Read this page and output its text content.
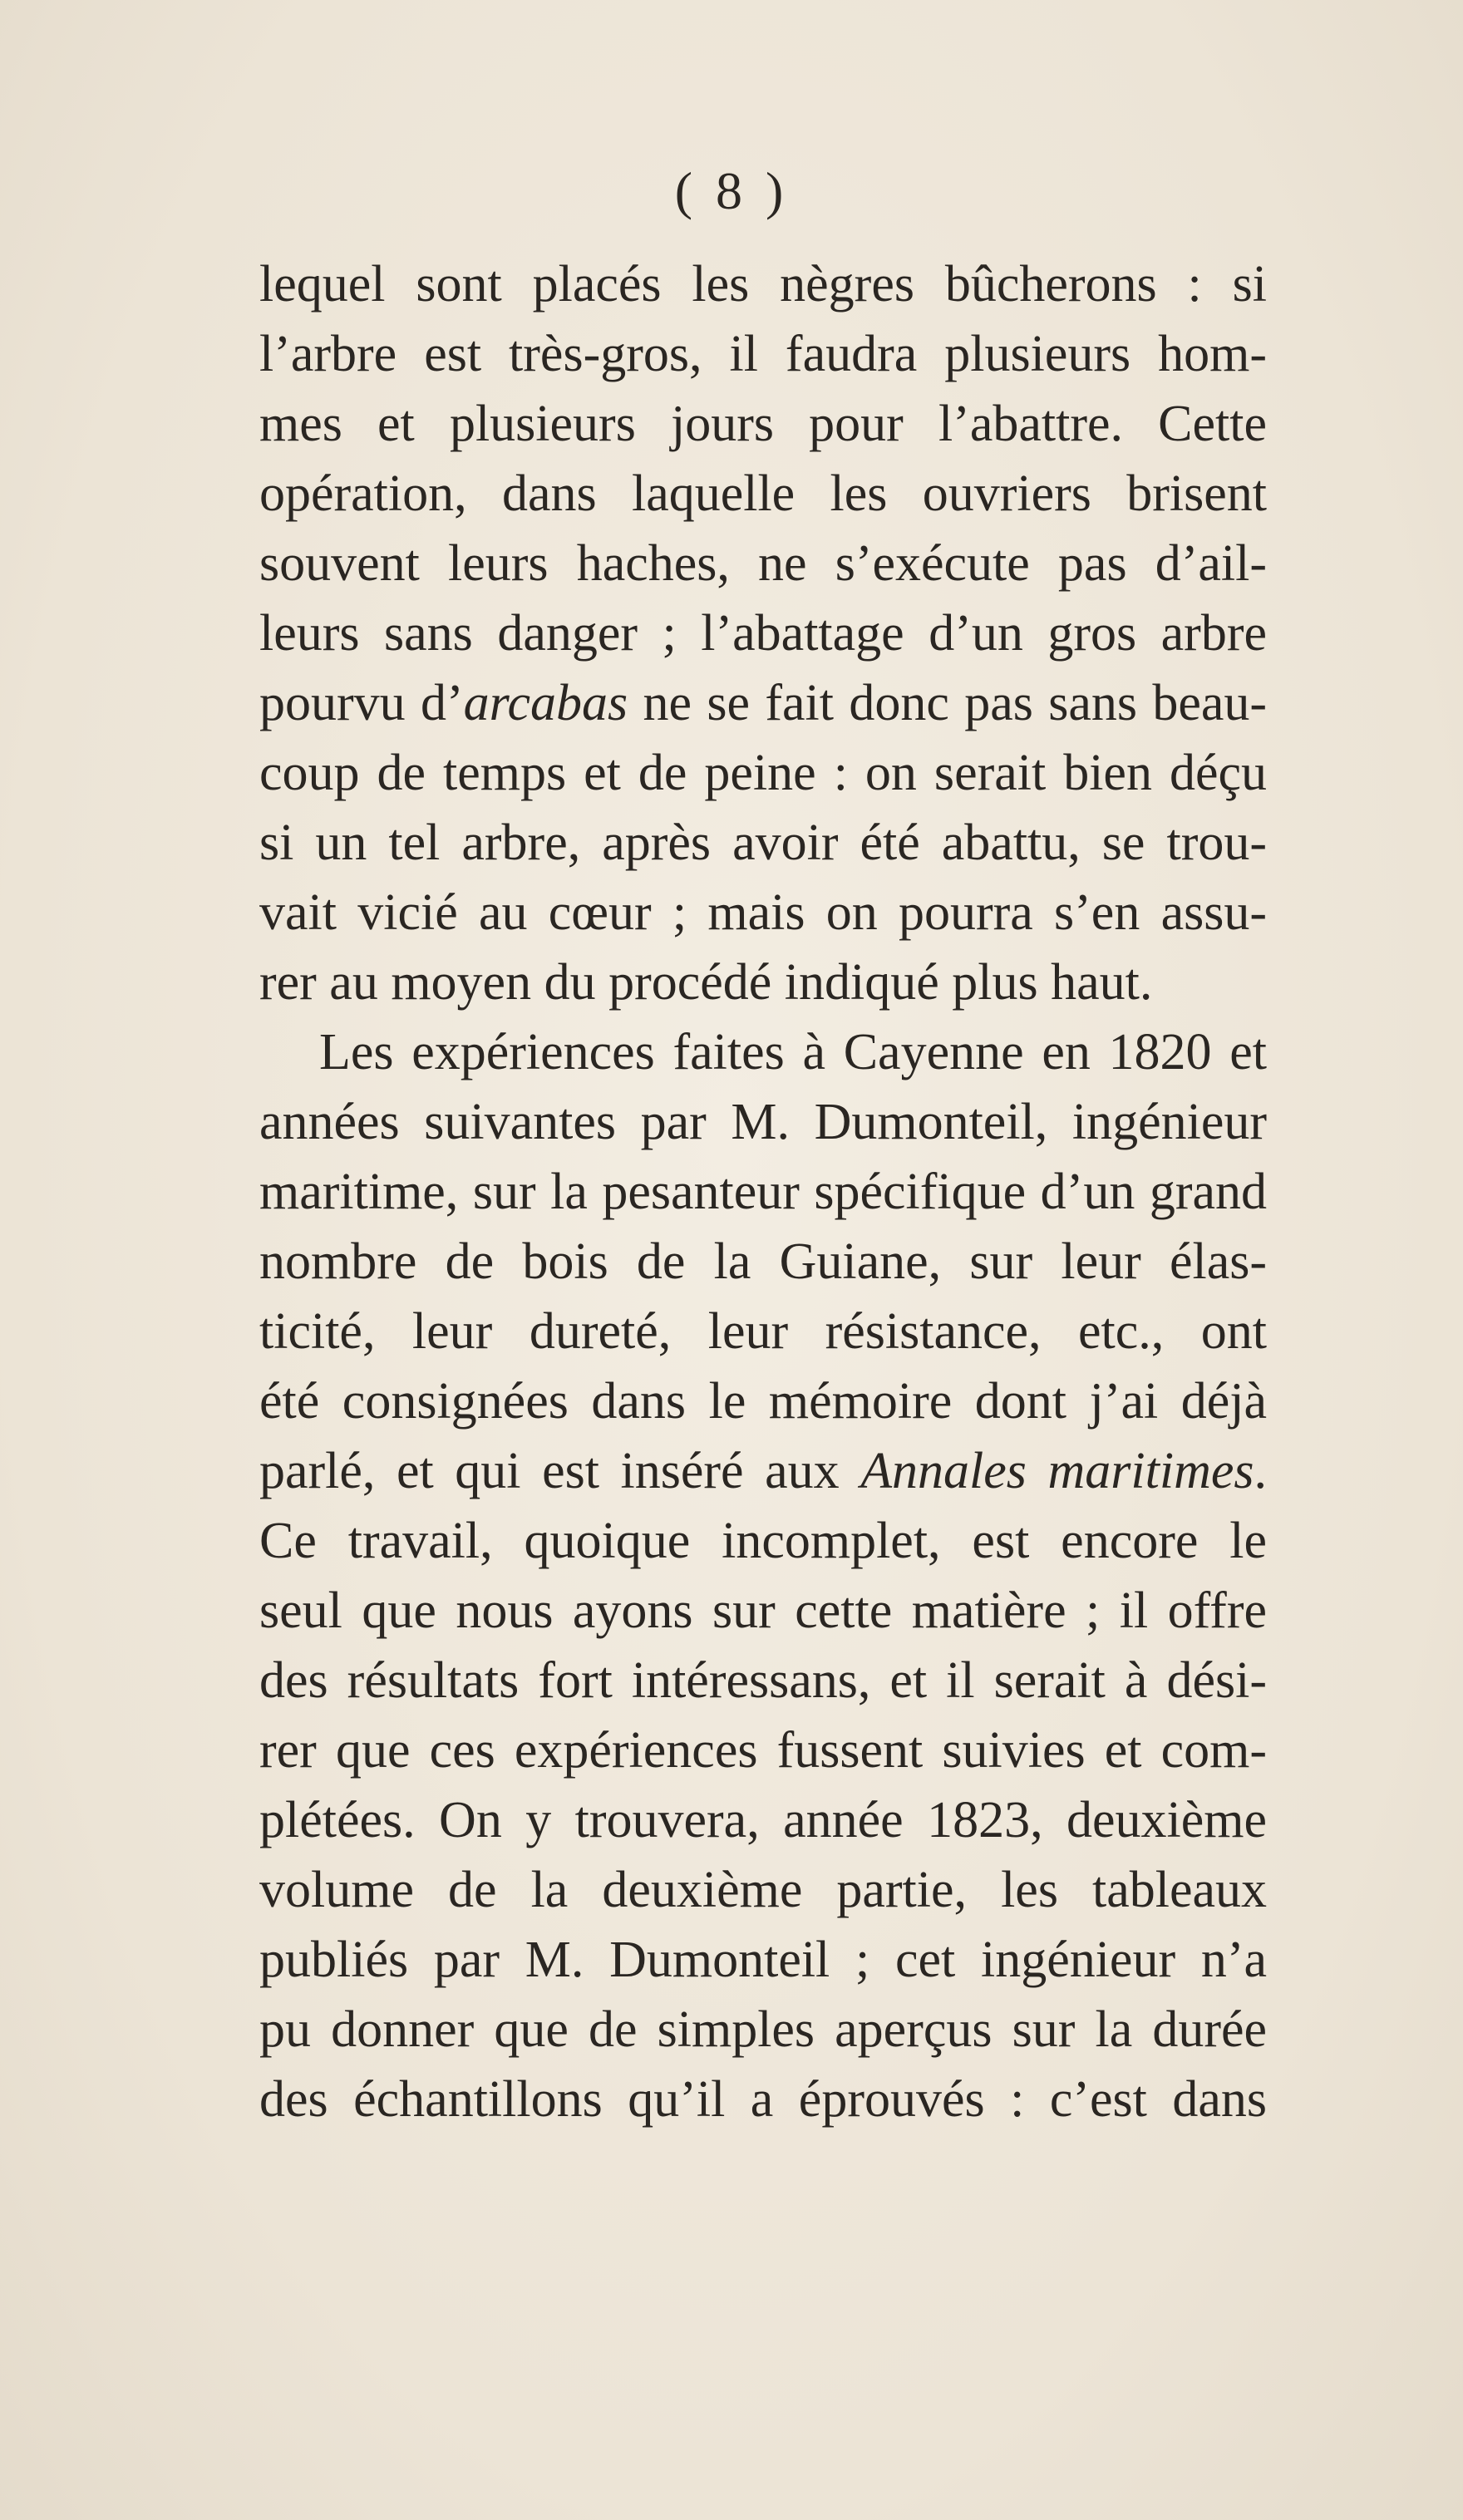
( 8 )
lequel sont placés les nègres bûcherons : si
l’arbre est très-gros, il faudra plusieurs hom-
mes et plusieurs jours pour l’abattre. Cette
opération, dans laquelle les ouvriers brisent
souvent leurs haches, ne s’exécute pas d’ail-
leurs sans danger ; l’abattage d’un gros arbre
pourvu d’arcabas ne se fait donc pas sans beau-
coup de temps et de peine : on serait bien déçu
si un tel arbre, après avoir été abattu, se trou-
vait vicié au cœur ; mais on pourra s’en assu-
rer au moyen du procédé indiqué plus haut.
Les expériences faites à Cayenne en 1820 et
années suivantes par M. Dumonteil, ingénieur
maritime, sur la pesanteur spécifique d’un grand
nombre de bois de la Guiane, sur leur élas-
ticité, leur dureté, leur résistance, etc., ont
été consignées dans le mémoire dont j’ai déjà
parlé, et qui est inséré aux Annales maritimes.
Ce travail, quoique incomplet, est encore le
seul que nous ayons sur cette matière ; il offre
des résultats fort intéressans, et il serait à dési-
rer que ces expériences fussent suivies et com-
plétées. On y trouvera, année 1823, deuxième
volume de la deuxième partie, les tableaux
publiés par M. Dumonteil ; cet ingénieur n’a
pu donner que de simples aperçus sur la durée
des échantillons qu’il a éprouvés : c’est dans
